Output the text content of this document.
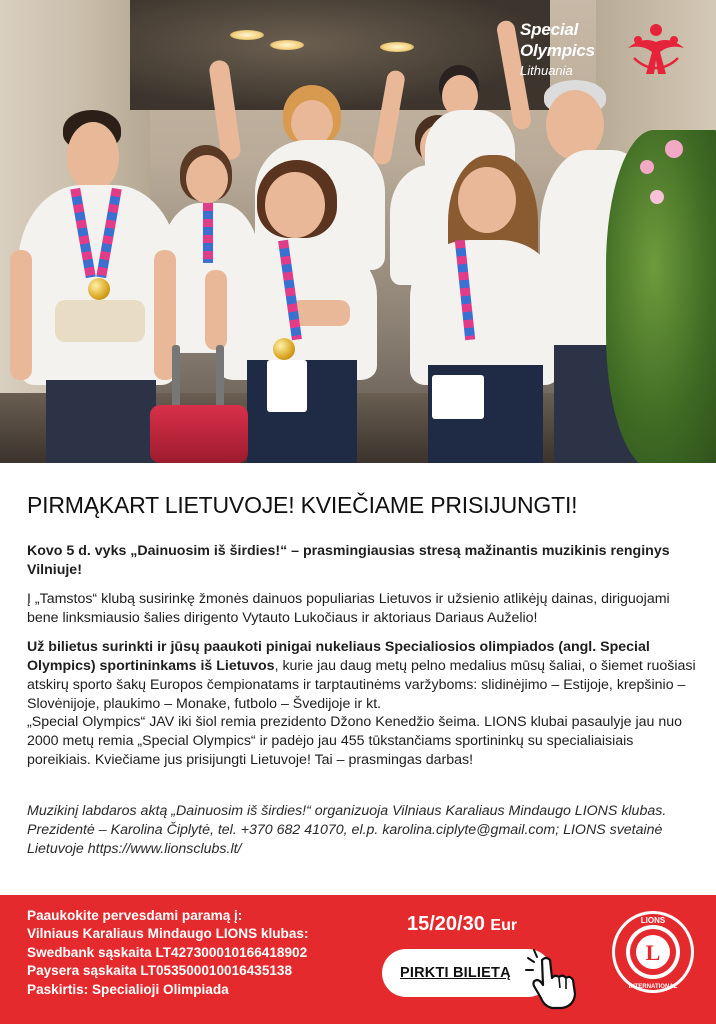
Special
Olympics
Lithuania
PIRMĄKART LIETUVOJE! KVIEČIAME PRISIJUNGTI!
Kovo 5 d. vyks „Dainuosim iš širdies!“ – prasmingiausias stresą mažinantis muzikinis renginys Vilniuje!
Į „Tamstos“ klubą susirinkę žmonės dainuos populiarias Lietuvos ir užsienio atlikėjų dainas, diriguojami bene linksmiausio šalies dirigento Vytauto Lukočiaus ir aktoriaus Dariaus Auželio!
Už bilietus surinkti ir jūsų paaukoti pinigai nukeliaus Specialiosios olimpiados (angl. Special Olympics) sportininkams iš Lietuvos, kurie jau daug metų pelno medalius mūsų šaliai, o šiemet ruošiasi atskirų sporto šakų Europos čempionatams ir tarptautinėms varžyboms: slidinėjimo – Estijoje, krepšinio – Slovėnijoje, plaukimo – Monake, futbolo – Švedijoje ir kt.
„Special Olympics“ JAV iki šiol remia prezidento Džono Kenedžio šeima. LIONS klubai pasaulyje jau nuo 2000 metų remia „Special Olympics“ ir padėjo jau 455 tūkstančiams sportininkų su specialiaisiais poreikiais. Kviečiame jus prisijungti Lietuvoje! Tai – prasmingas darbas!
Muzikinį labdaros aktą „Dainuosim iš širdies!“ organizuoja Vilniaus Karaliaus Mindaugo LIONS klubas. Prezidentė – Karolina Čiplytė, tel. +370 682 41070, el.p. karolina.ciplyte@gmail.com; LIONS svetainė Lietuvoje https://www.lionsclubs.lt/
Paaukokite pervesdami paramą į:
Vilniaus Karaliaus Mindaugo LIONS klubas:
Swedbank sąskaita LT427300010166418902
Paysera sąskaita LT053500010016435138
Paskirtis: Specialioji Olimpiada
15/20/30 Eur
PIRKTI BILIETĄ
L
LIONS
INTERNATIONAL
